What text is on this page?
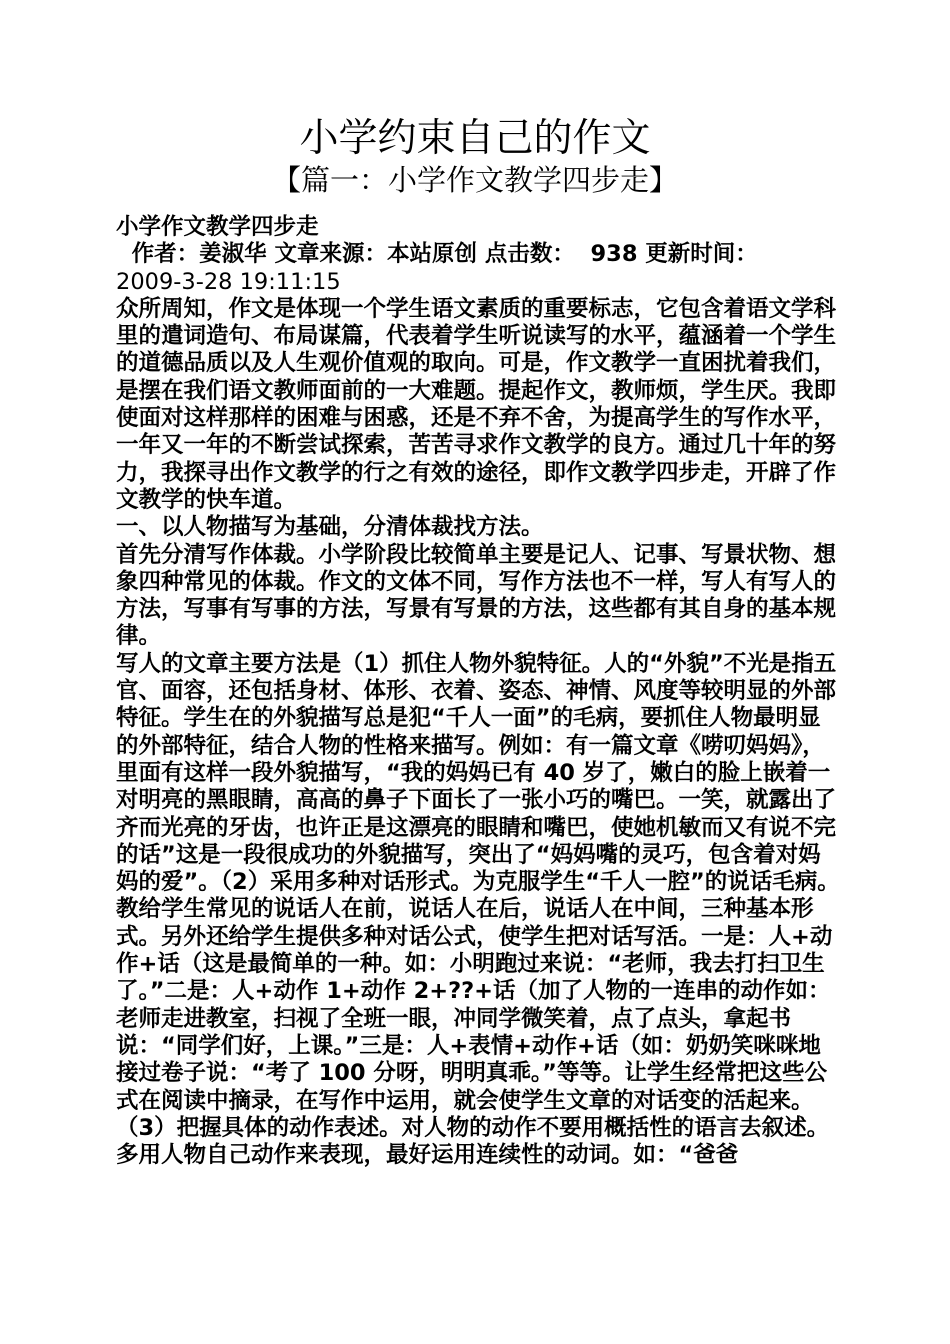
小学约束自己的作文
【篇一：小学作文教学四步走】

小学作文教学四步走

作者：姜淑华 文章来源：本站原创 点击数：  938 更新时间：
2009-3-28 19:11:15

众所周知，作文是体现一个学生语文素质的重要标志，它包含着语文学科里的遣词造句、布局谋篇，代表着学生听说读写的水平，蕴涵着一个学生的道德品质以及人生观价值观的取向。可是，作文教学一直困扰着我们，是摆在我们语文教师面前的一大难题。提起作文，教师烦，学生厌。我即使面对这样那样的困难与困惑，还是不弃不舍，为提高学生的写作水平，一年又一年的不断尝试探索，苦苦寻求作文教学的良方。通过几十年的努力，我探寻出作文教学的行之有效的途径，即作文教学四步走，开辟了作文教学的快车道。

一、以人物描写为基础，分清体裁找方法。

首先分清写作体裁。小学阶段比较简单主要是记人、记事、写景状物、想象四种常见的体裁。作文的文体不同，写作方法也不一样，写人有写人的方法，写事有写事的方法，写景有写景的方法，这些都有其自身的基本规律。

写人的文章主要方法是（1）抓住人物外貌特征。人的“外貌”不光是指五官、面容，还包括身材、体形、衣着、姿态、神情、风度等较明显的外部特征。学生在的外貌描写总是犯“千人一面”的毛病，要抓住人物最明显的外部特征，结合人物的性格来描写。例如：有一篇文章《唠叨妈妈》，里面有这样一段外貌描写，“我的妈妈已有 40 岁了，嫩白的脸上嵌着一对明亮的黑眼睛，高高的鼻子下面长了一张小巧的嘴巴。一笑，就露出了齐而光亮的牙齿，也许正是这漂亮的眼睛和嘴巴，使她机敏而又有说不完的话”这是一段很成功的外貌描写，突出了“妈妈嘴的灵巧，包含着对妈妈的爱”。（2）采用多种对话形式。为克服学生“千人一腔”的说话毛病。教给学生常见的说话人在前，说话人在后，说话人在中间，三种基本形式。另外还给学生提供多种对话公式，使学生把对话写活。一是：人+动作+话（这是最简单的一种。如：小明跑过来说：“老师，我去打扫卫生了。”二是：人+动作 1+动作 2+??+话（加了人物的一连串的动作如：老师走进教室，扫视了全班一眼，冲同学微笑着，点了点头，拿起书说：“同学们好，上课。”三是：人+表情+动作+话（如：奶奶笑咪咪地接过卷子说：“考了 100 分呀，明明真乖。”等等。让学生经常把这些公式在阅读中摘录，在写作中运用，就会使学生文章的对话变的活起来。（3）把握具体的动作表述。对人物的动作不要用概括性的语言去叙述。多用人物自己动作来表现，最好运用连续性的动词。如：“爸爸
